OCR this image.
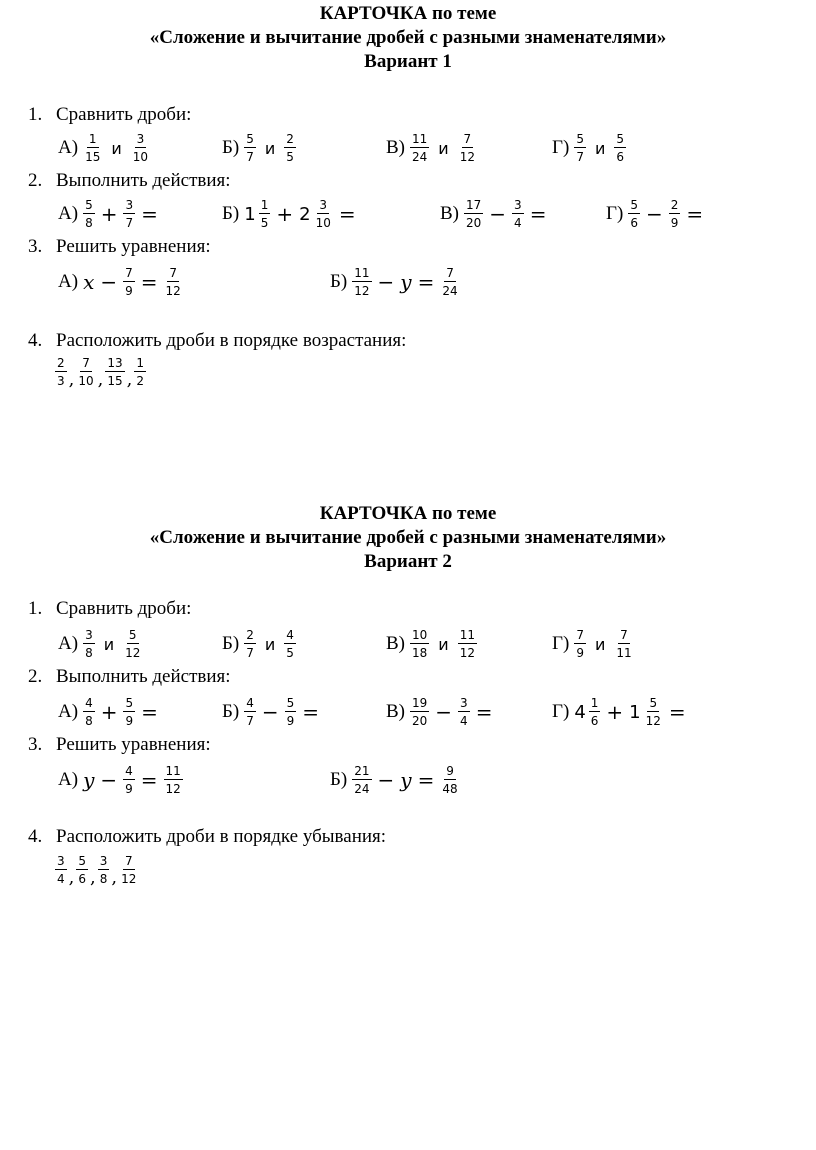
КАРТОЧКА по теме
«Сложение и вычитание дробей с разными знаменателями»
Вариант 1
1. Сравнить дроби:
$А) \frac{1}{15}$ и $\frac{3}{10}$	$Б) \frac{5}{7}$ и $\frac{2}{5}$	$В) \frac{11}{24}$ и $\frac{7}{12}$	$Г) \frac{5}{7}$ и $\frac{5}{6}$
2. Выполнить действия:
$А) \frac{5}{8} + \frac{3}{7}$ =	Б) $1 \frac{1}{5} + 2 \frac{3}{10}$ =	$В) \frac{17}{20} - \frac{3}{4}$ =	$Г) \frac{5}{6} - \frac{2}{9}$ =
3. Решить уравнения:
А) $x - \frac{7}{9} = \frac{7}{12}$	$Б) \frac{11}{12} - y = \frac{7}{24}$
4. Расположить дроби в порядке возрастания:
$\frac{2}{3}$ , $\frac{7}{10}$ , $\frac{13}{15}$ , $\frac{1}{2}$
КАРТОЧКА по теме
«Сложение и вычитание дробей с разными знаменателями»
Вариант 2
1. Сравнить дроби:
$А) \frac{3}{8}$ и $\frac{5}{12}$	$Б) \frac{2}{7}$ и $\frac{4}{5}$	$В) \frac{10}{18}$ и $\frac{11}{12}$	$Г) \frac{7}{9}$ и $\frac{7}{11}$
2. Выполнить действия:
$А) \frac{4}{8} + \frac{5}{9}$ =	$Б) \frac{4}{7} - \frac{5}{9}$ =	$В) \frac{19}{20} - \frac{3}{4}$ =	Г) $4 \frac{1}{6} + 1 \frac{5}{12}$ =
3. Решить уравнения:
А) $y - \frac{4}{9} = \frac{11}{12}$	$Б) \frac{21}{24} - y = \frac{9}{48}$
4. Расположить дроби в порядке убывания:
$\frac{3}{4}$ , $\frac{5}{6}$ , $\frac{3}{8}$ , $\frac{7}{12}$
